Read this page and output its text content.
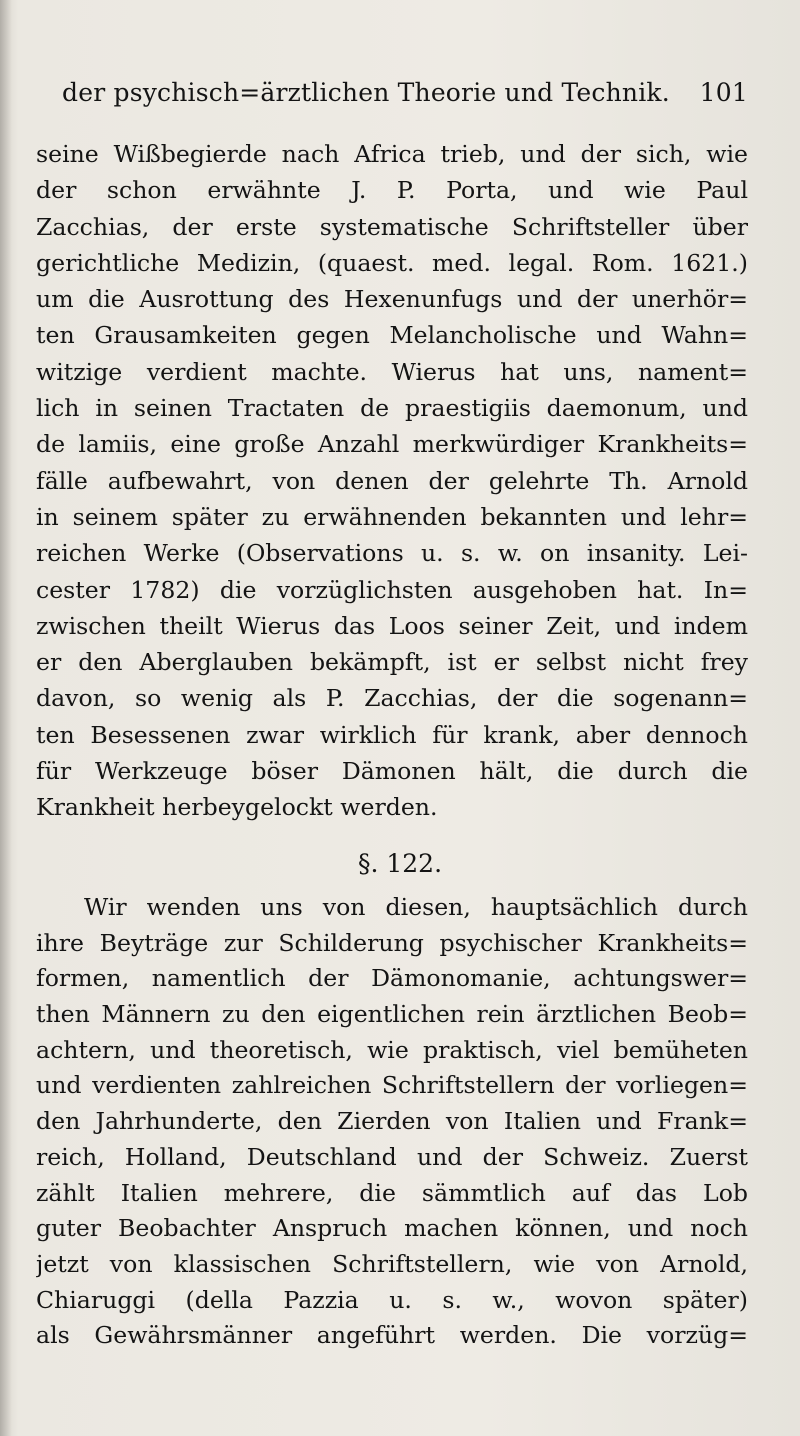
der psychisch=ärztlichen Theorie und Technik. 101
seine Wißbegierde nach Africa trieb, und der sich, wie
der schon erwähnte J. P. Porta, und wie Paul
Zacchias, der erste systematische Schriftsteller über
gerichtliche Medizin, (quaest. med. legal. Rom. 1621.)
um die Ausrottung des Hexenunfugs und der unerhör=
ten Grausamkeiten gegen Melancholische und Wahn=
witzige verdient machte. Wierus hat uns, nament=
lich in seinen Tractaten de praestigiis daemonum, und
de lamiis, eine große Anzahl merkwürdiger Krankheits=
fälle aufbewahrt, von denen der gelehrte Th. Arnold
in seinem später zu erwähnenden bekannten und lehr=
reichen Werke (Observations u. s. w. on insanity. Lei-
cester 1782) die vorzüglichsten ausgehoben hat. In=
zwischen theilt Wierus das Loos seiner Zeit, und indem
er den Aberglauben bekämpft, ist er selbst nicht frey
davon, so wenig als P. Zacchias, der die sogenann=
ten Besessenen zwar wirklich für krank, aber dennoch
für Werkzeuge böser Dämonen hält, die durch die
Krankheit herbeygelockt werden.
§. 122.
Wir wenden uns von diesen, hauptsächlich durch
ihre Beyträge zur Schilderung psychischer Krankheits=
formen, namentlich der Dämonomanie, achtungswer=
then Männern zu den eigentlichen rein ärztlichen Beob=
achtern, und theoretisch, wie praktisch, viel bemüheten
und verdienten zahlreichen Schriftstellern der vorliegen=
den Jahrhunderte, den Zierden von Italien und Frank=
reich, Holland, Deutschland und der Schweiz. Zuerst
zählt Italien mehrere, die sämmtlich auf das Lob
guter Beobachter Anspruch machen können, und noch
jetzt von klassischen Schriftstellern, wie von Arnold,
Chiaruggi (della Pazzia u. s. w., wovon später)
als Gewährsmänner angeführt werden. Die vorzüg=
